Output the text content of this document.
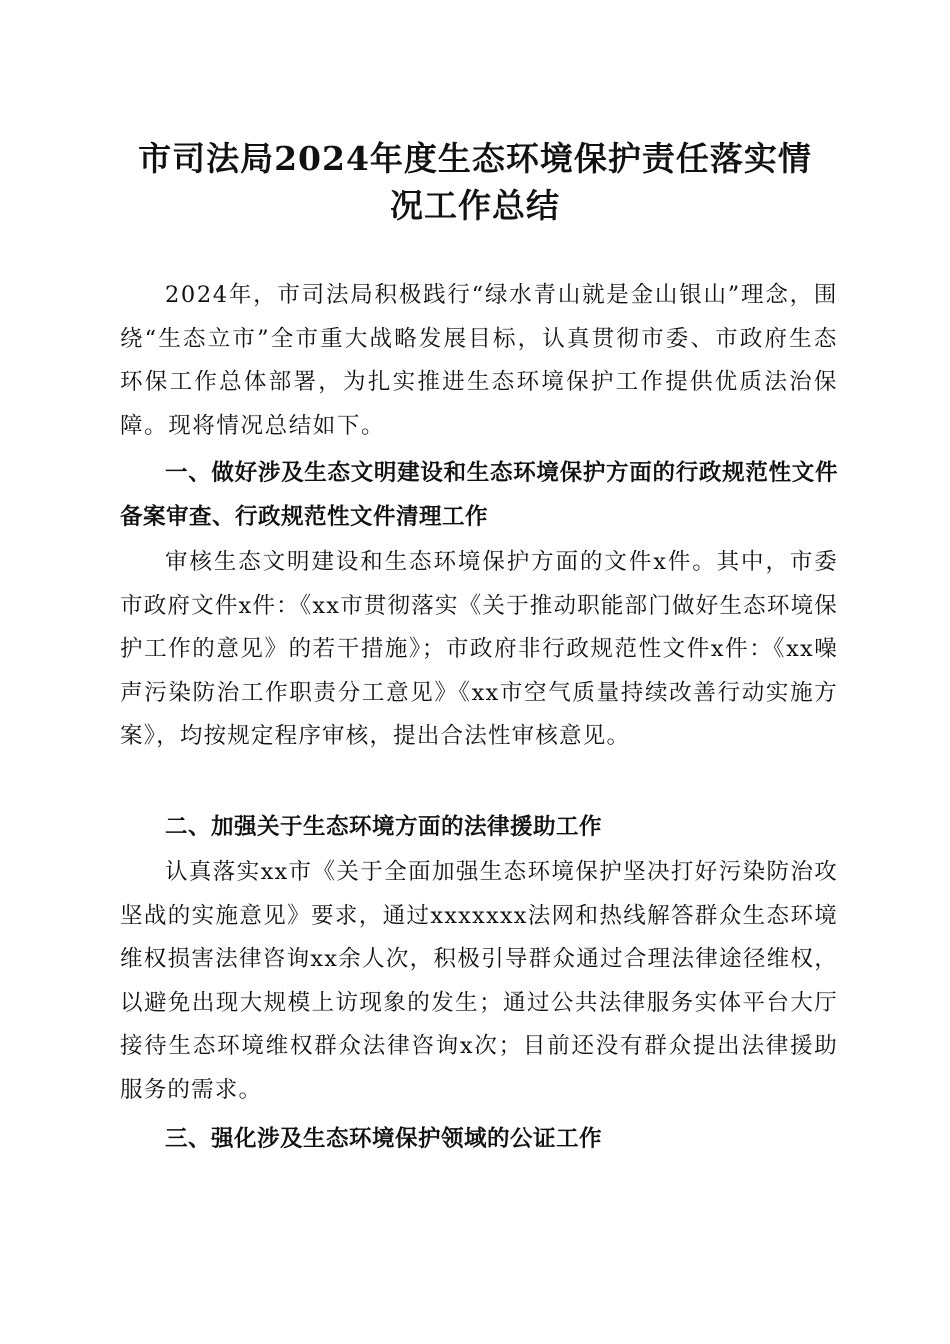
市司法局2024年度生态环境保护责任落实情
况工作总结

2024年，市司法局积极践行“绿水青山就是金山银山”理念，围绕“生态立市”全市重大战略发展目标，认真贯彻市委、市政府生态环保工作总体部署，为扎实推进生态环境保护工作提供优质法治保障。现将情况总结如下。

一、做好涉及生态文明建设和生态环境保护方面的行政规范性文件备案审查、行政规范性文件清理工作

审核生态文明建设和生态环境保护方面的文件x件。其中，市委市政府文件x件：《xx市贯彻落实《关于推动职能部门做好生态环境保护工作的意见》的若干措施》；市政府非行政规范性文件x件：《xx噪声污染防治工作职责分工意见》《xx市空气质量持续改善行动实施方案》，均按规定程序审核，提出合法性审核意见。

二、加强关于生态环境方面的法律援助工作

认真落实xx市《关于全面加强生态环境保护坚决打好污染防治攻坚战的实施意见》要求，通过xxxxxxx法网和热线解答群众生态环境维权损害法律咨询xx余人次，积极引导群众通过合理法律途径维权，以避免出现大规模上访现象的发生；通过公共法律服务实体平台大厅接待生态环境维权群众法律咨询x次；目前还没有群众提出法律援助服务的需求。

三、强化涉及生态环境保护领域的公证工作
